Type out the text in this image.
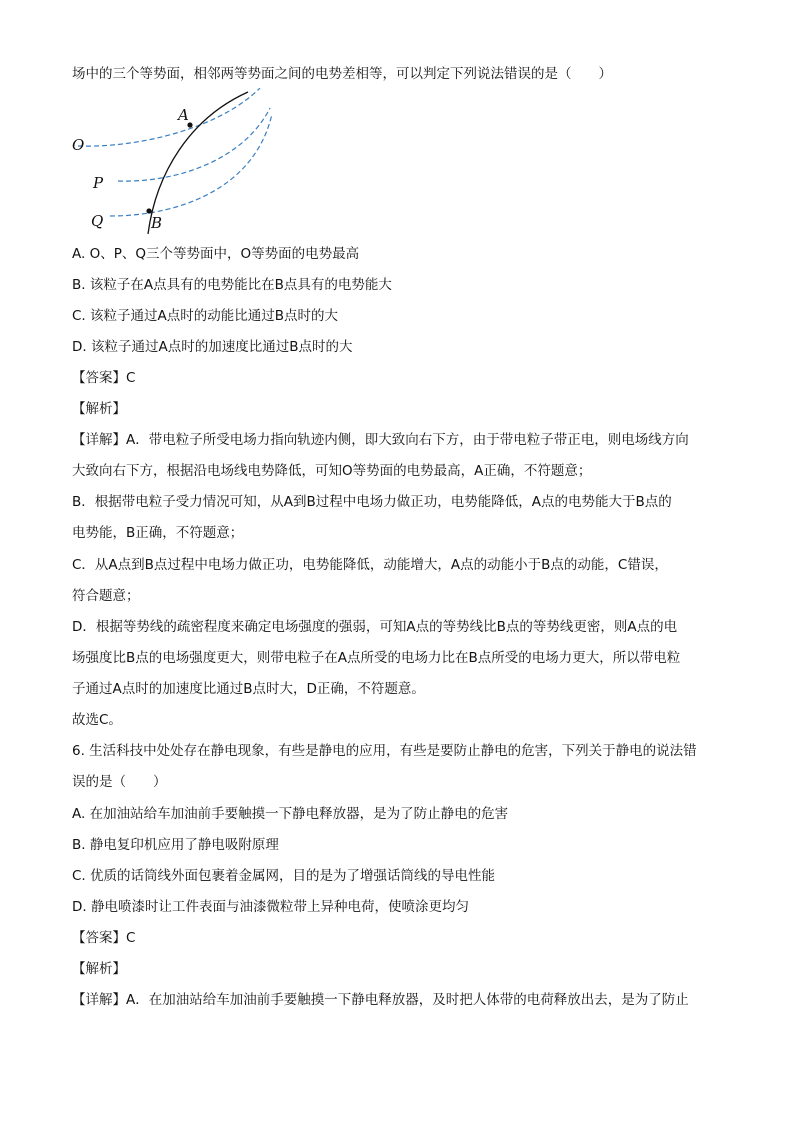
场中的三个等势面，相邻两等势面之间的电势差相等，可以判定下列说法错误的是（　　）
A
B
O
P
Q
A. O、P、Q三个等势面中，O等势面的电势最高
B. 该粒子在A点具有的电势能比在B点具有的电势能大
C. 该粒子通过A点时的动能比通过B点时的大
D. 该粒子通过A点时的加速度比通过B点时的大
【答案】C
【解析】
【详解】A．带电粒子所受电场力指向轨迹内侧，即大致向右下方，由于带电粒子带正电，则电场线方向
大致向右下方，根据沿电场线电势降低，可知O等势面的电势最高，A正确，不符题意；
B．根据带电粒子受力情况可知，从A到B过程中电场力做正功，电势能降低，A点的电势能大于B点的
电势能，B正确，不符题意；
C．从A点到B点过程中电场力做正功，电势能降低，动能增大，A点的动能小于B点的动能，C错误，
符合题意；
D．根据等势线的疏密程度来确定电场强度的强弱，可知A点的等势线比B点的等势线更密，则A点的电
场强度比B点的电场强度更大，则带电粒子在A点所受的电场力比在B点所受的电场力更大，所以带电粒
子通过A点时的加速度比通过B点时大，D正确，不符题意。
故选C。
6. 生活科技中处处存在静电现象，有些是静电的应用，有些是要防止静电的危害，下列关于静电的说法错
误的是（　　）
A. 在加油站给车加油前手要触摸一下静电释放器，是为了防止静电的危害
B. 静电复印机应用了静电吸附原理
C. 优质的话筒线外面包裹着金属网，目的是为了增强话筒线的导电性能
D. 静电喷漆时让工件表面与油漆微粒带上异种电荷，使喷涂更均匀
【答案】C
【解析】
【详解】A．在加油站给车加油前手要触摸一下静电释放器，及时把人体带的电荷释放出去，是为了防止
